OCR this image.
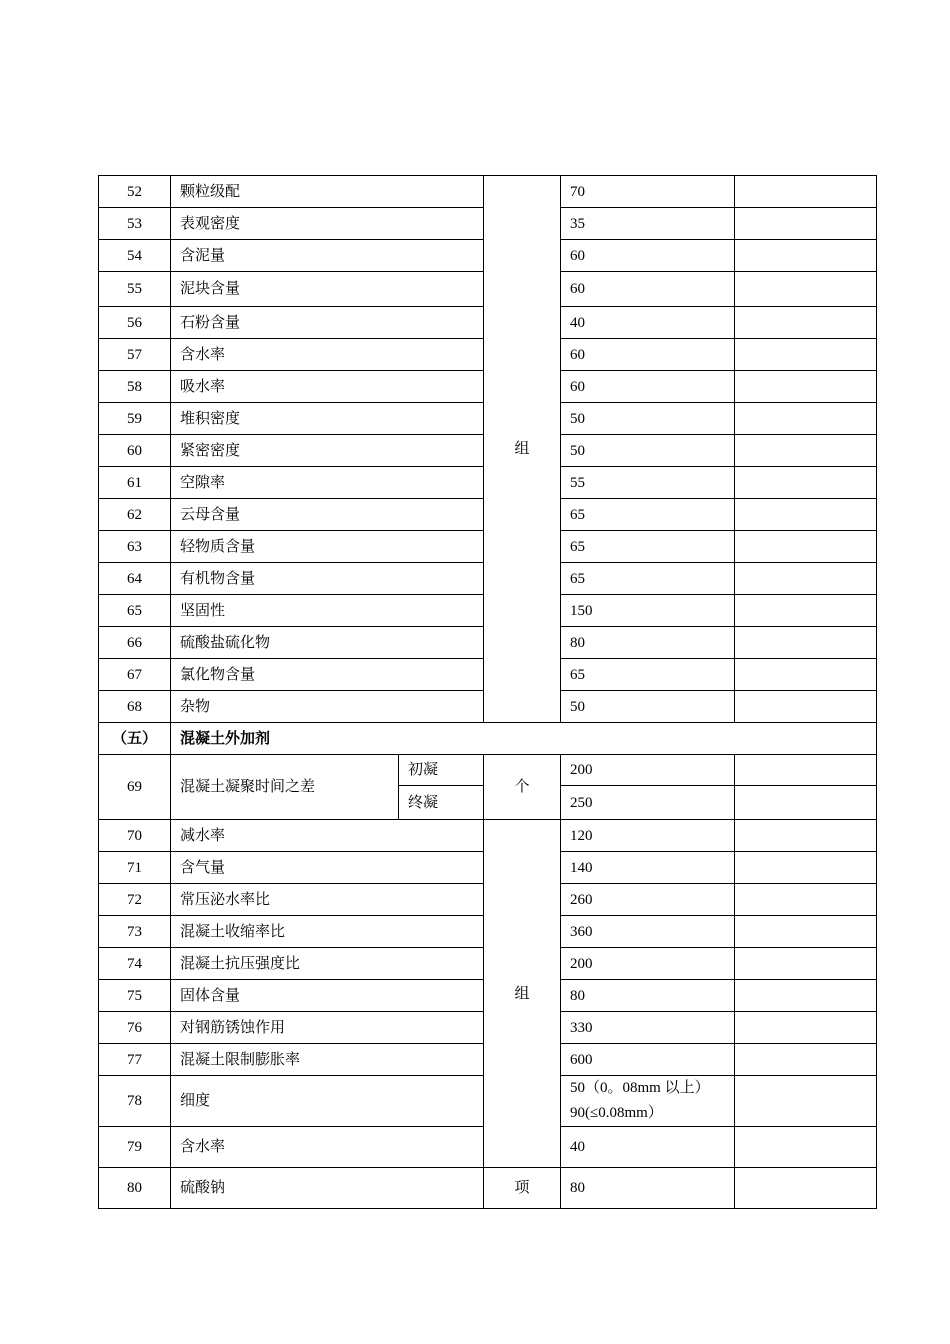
52	颗粒级配		组	70	
53	表观密度			35	
54	含泥量			60	
55	泥块含量			60	
56	石粉含量			40	
57	含水率			60	
58	吸水率			60	
59	堆积密度			50	
60	紧密密度			50	
61	空隙率			55	
62	云母含量			65	
63	轻物质含量			65	
64	有机物含量			65	
65	坚固性			150	
66	硫酸盐硫化物			80	
67	氯化物含量			65	
68	杂物			50	
（五）	混凝土外加剂				
69	混凝土凝聚时间之差	初凝	个	200	
		终凝		250	
70	减水率		组	120	
71	含气量			140	
72	常压泌水率比			260	
73	混凝土收缩率比			360	
74	混凝土抗压强度比			200	
75	固体含量			80	
76	对钢筋锈蚀作用			330	
77	混凝土限制膨胀率			600	
78	细度			50（0。08mm 以上）
90(≤0.08mm）	

79	含水率			40	
80	硫酸钠		项	80	
